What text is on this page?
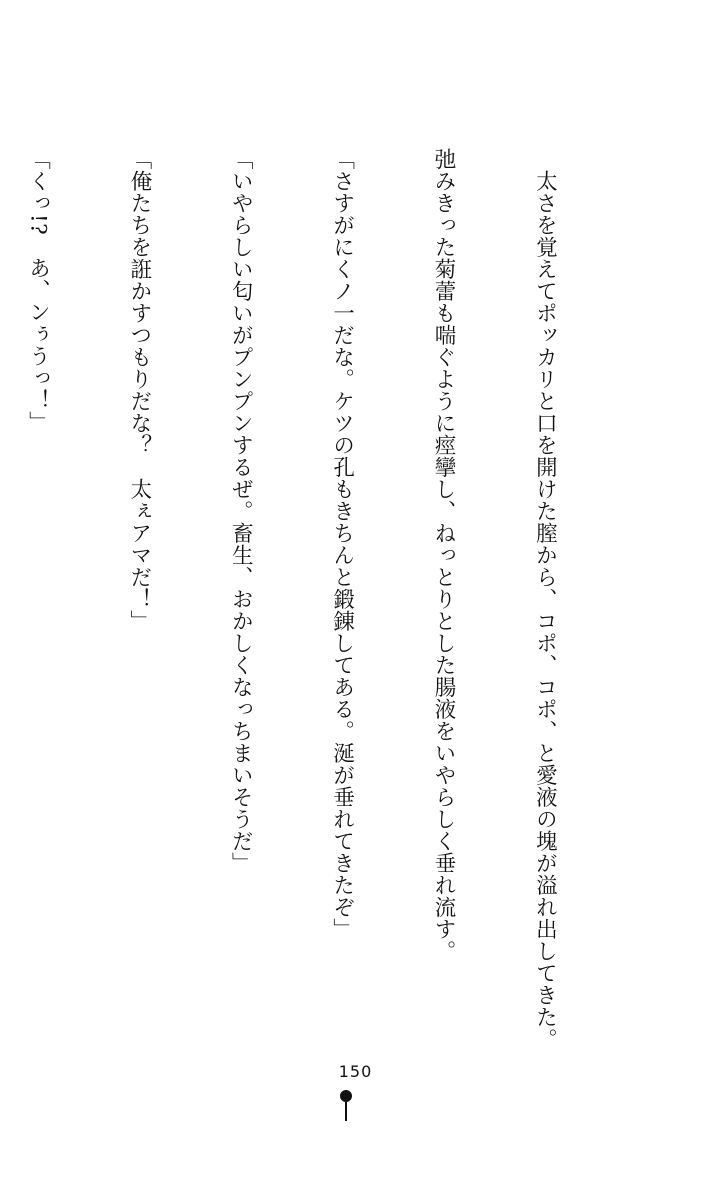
　太さを覚えてポッカリと口を開けた膣から、コポ、コポ、と愛液の塊が溢れ出してきた。

弛みきった菊蕾も喘ぐように痙攣し、ねっとりとした腸液をいやらしく垂れ流す。

「さすがにくノ一だな。ケツの孔もきちんと鍛錬してある。涎が垂れてきたぞ」

「いやらしい匂いがプンプンするぜ。畜生、おかしくなっちまいそうだ」

「俺たちを誑かすつもりだな？　太ぇアマだ！」

「くっ!?　あ、ンぅうっ！」

150
